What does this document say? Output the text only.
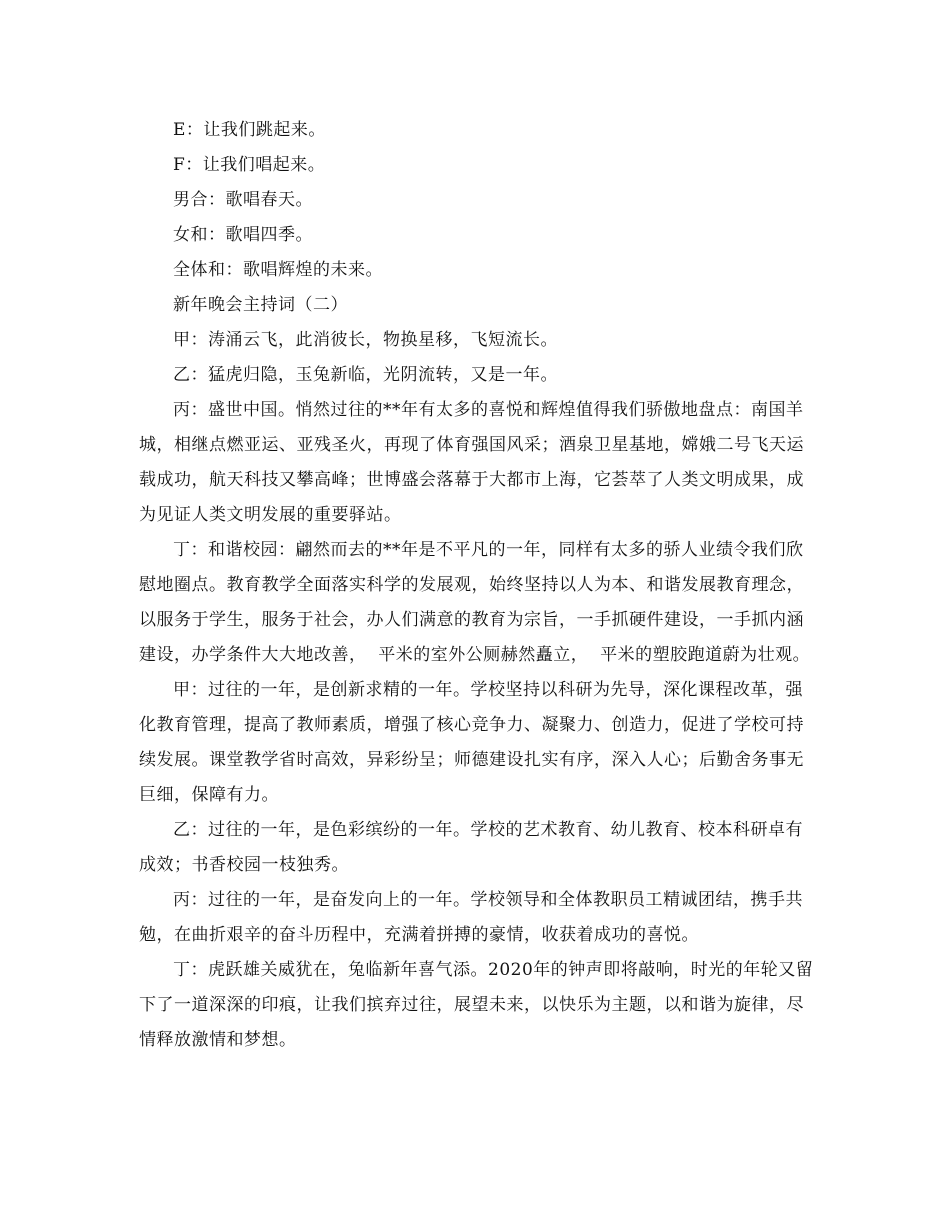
E：让我们跳起来。

F：让我们唱起来。

男合：歌唱春天。

女和：歌唱四季。

全体和：歌唱辉煌的未来。

新年晚会主持词（二）

甲：涛涌云飞，此消彼长，物换星移，飞短流长。

乙：猛虎归隐，玉兔新临，光阴流转，又是一年。

丙：盛世中国。悄然过往的**年有太多的喜悦和辉煌值得我们骄傲地盘点：南国羊城，相继点燃亚运、亚残圣火，再现了体育强国风采；酒泉卫星基地，嫦娥二号飞天运载成功，航天科技又攀高峰；世博盛会落幕于大都市上海，它荟萃了人类文明成果，成为见证人类文明发展的重要驿站。

丁：和谐校园：翩然而去的**年是不平凡的一年，同样有太多的骄人业绩令我们欣慰地圈点。教育教学全面落实科学的发展观，始终坚持以人为本、和谐发展教育理念，以服务于学生，服务于社会，办人们满意的教育为宗旨，一手抓硬件建设，一手抓内涵建设，办学条件大大地改善，  平米的室外公厕赫然矗立，  平米的塑胶跑道蔚为壮观。

甲：过往的一年，是创新求精的一年。学校坚持以科研为先导，深化课程改革，强化教育管理，提高了教师素质，增强了核心竞争力、凝聚力、创造力，促进了学校可持续发展。课堂教学省时高效，异彩纷呈；师德建设扎实有序，深入人心；后勤舍务事无巨细，保障有力。

乙：过往的一年，是色彩缤纷的一年。学校的艺术教育、幼儿教育、校本科研卓有成效；书香校园一枝独秀。

丙：过往的一年，是奋发向上的一年。学校领导和全体教职员工精诚团结，携手共勉，在曲折艰辛的奋斗历程中，充满着拼搏的豪情，收获着成功的喜悦。

丁：虎跃雄关威犹在，兔临新年喜气添。2020年的钟声即将敲响，时光的年轮又留下了一道深深的印痕，让我们摈弃过往，展望未来，以快乐为主题，以和谐为旋律，尽情释放激情和梦想。
